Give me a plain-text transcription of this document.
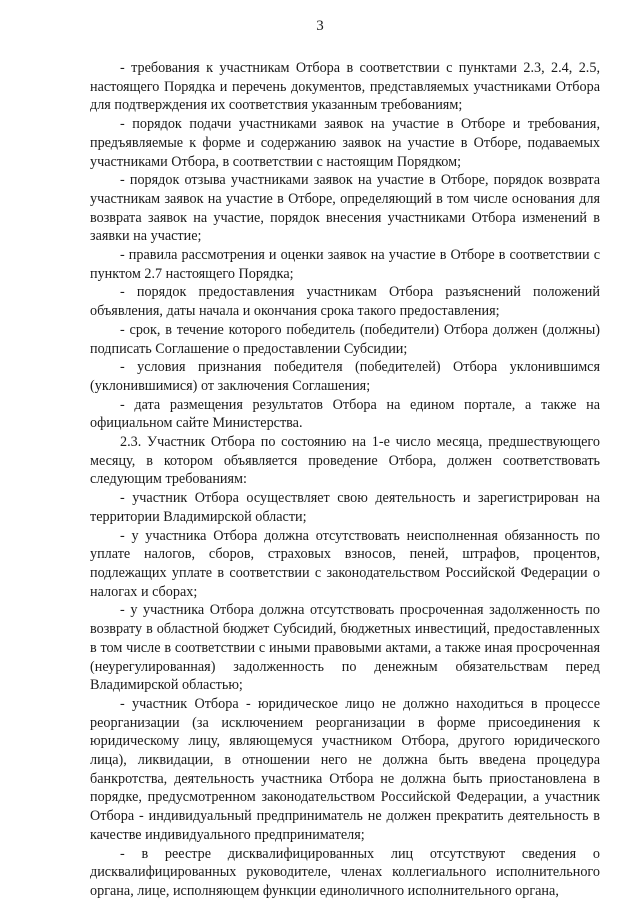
3

- требования к участникам Отбора в соответствии с пунктами 2.3, 2.4, 2.5, настоящего Порядка и перечень документов, представляемых участниками Отбора для подтверждения их соответствия указанным требованиям;

- порядок подачи участниками заявок на участие в Отборе и требования, предъявляемые к форме и содержанию заявок на участие в Отборе, подаваемых участниками Отбора, в соответствии с настоящим Порядком;

- порядок отзыва участниками заявок на участие в Отборе, порядок возврата участникам заявок на участие в Отборе, определяющий в том числе основания для возврата заявок на участие, порядок внесения участниками Отбора изменений в заявки на участие;

- правила рассмотрения и оценки заявок на участие в Отборе в соответствии с пунктом 2.7 настоящего Порядка;

- порядок предоставления участникам Отбора разъяснений положений объявления, даты начала и окончания срока такого предоставления;

- срок, в течение которого победитель (победители) Отбора должен (должны) подписать Соглашение о предоставлении Субсидии;

- условия признания победителя (победителей) Отбора уклонившимся (уклонившимися) от заключения Соглашения;

- дата размещения результатов Отбора на едином портале, а также на официальном сайте Министерства.

2.3. Участник Отбора по состоянию на 1-е число месяца, предшествующего месяцу, в котором объявляется проведение Отбора, должен соответствовать следующим требованиям:

- участник Отбора осуществляет свою деятельность и зарегистрирован на территории Владимирской области;

- у участника Отбора должна отсутствовать неисполненная обязанность по уплате налогов, сборов, страховых взносов, пеней, штрафов, процентов, подлежащих уплате в соответствии с законодательством Российской Федерации о налогах и сборах;

- у участника Отбора должна отсутствовать просроченная задолженность по возврату в областной бюджет Субсидий, бюджетных инвестиций, предоставленных в том числе в соответствии с иными правовыми актами, а также иная просроченная (неурегулированная) задолженность по денежным обязательствам перед Владимирской областью;

- участник Отбора - юридическое лицо не должно находиться в процессе реорганизации (за исключением реорганизации в форме присоединения к юридическому лицу, являющемуся участником Отбора, другого юридического лица), ликвидации, в отношении него не должна быть введена процедура банкротства, деятельность участника Отбора не должна быть приостановлена в порядке, предусмотренном законодательством Российской Федерации, а участник Отбора - индивидуальный предприниматель не должен прекратить деятельность в качестве индивидуального предпринимателя;

- в реестре дисквалифицированных лиц отсутствуют сведения о дисквалифицированных руководителе, членах коллегиального исполнительного органа, лице, исполняющем функции единоличного исполнительного органа,
